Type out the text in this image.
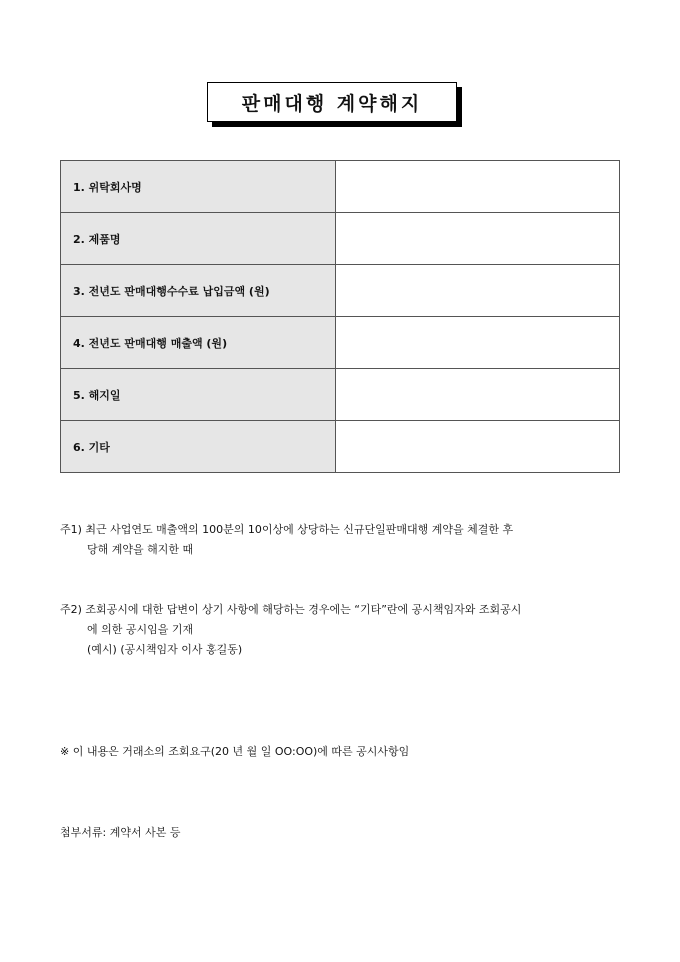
판매대행 계약해지
1. 위탁회사명	
2. 제품명	
3. 전년도 판매대행수수료 납입금액 (원)	
4. 전년도 판매대행 매출액 (원)	
5. 해지일	
6. 기타	
주1) 최근 사업연도 매출액의 100분의 10이상에 상당하는 신규단일판매대행 계약을 체결한 후
당해 계약을 해지한 때
주2) 조회공시에 대한 답변이 상기 사항에 해당하는 경우에는 “기타”란에 공시책임자와 조회공시
에 의한 공시임을 기재
(예시) (공시책임자 이사 홍길동)
※ 이 내용은 거래소의 조회요구(20 년 월 일 OO:OO)에 따른 공시사항임
첨부서류: 계약서 사본 등
